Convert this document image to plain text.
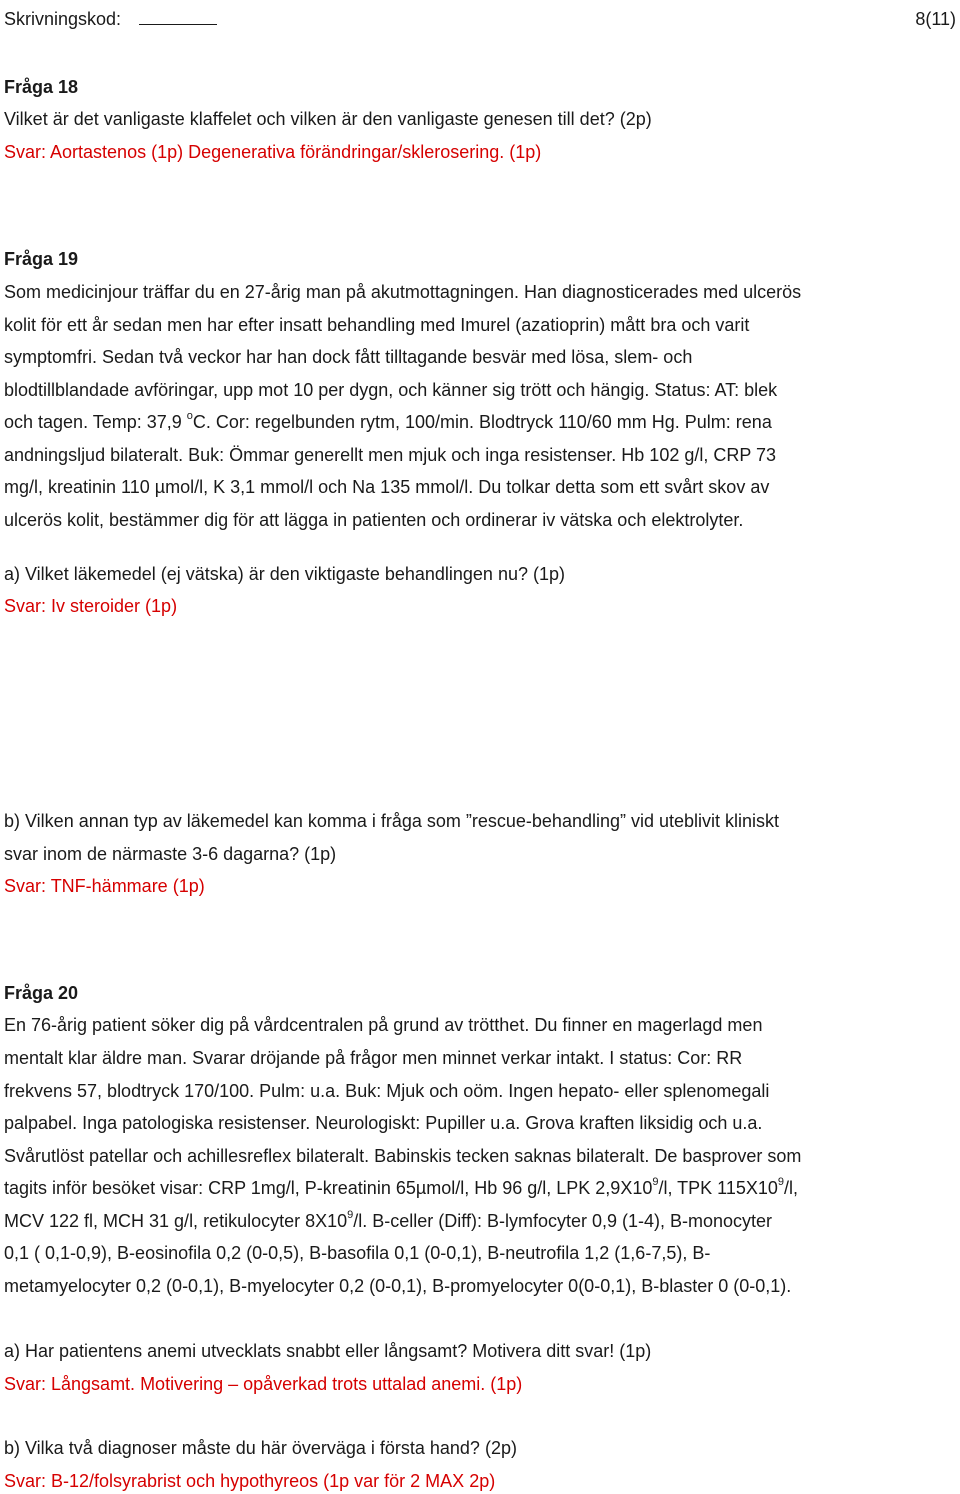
Skrivningskod:	8(11)
Fråga 18
Vilket är det vanligaste klaffelet och vilken är den vanligaste genesen till det? (2p)
Svar: Aortastenos (1p) Degenerativa förändringar/sklerosering. (1p)
Fråga 19
Som medicinjour träffar du en 27-årig man på akutmottagningen. Han diagnosticerades med ulcerös
kolit för ett år sedan men har efter insatt behandling med Imurel (azatioprin) mått bra och varit
symptomfri. Sedan två veckor har han dock fått tilltagande besvär med lösa, slem- och
blodtillblandade avföringar, upp mot 10 per dygn, och känner sig trött och hängig. Status: AT: blek
och tagen. Temp: 37,9 $^o$C. Cor: regelbunden rytm, 100/min. Blodtryck 110/60 mm Hg. Pulm: rena
andningsljud bilateralt. Buk: Ömmar generellt men mjuk och inga resistenser. Hb 102 g/l, CRP 73
mg/l, kreatinin 110 µmol/l, K 3,1 mmol/l och Na 135 mmol/l. Du tolkar detta som ett svårt skov av
ulcerös kolit, bestämmer dig för att lägga in patienten och ordinerar iv vätska och elektrolyter.
a) Vilket läkemedel (ej vätska) är den viktigaste behandlingen nu? (1p)
Svar: Iv steroider (1p)
b) Vilken annan typ av läkemedel kan komma i fråga som ”rescue-behandling” vid uteblivit kliniskt
svar inom de närmaste 3-6 dagarna? (1p)
Svar: TNF-hämmare (1p)
Fråga 20
En 76-årig patient söker dig på vårdcentralen på grund av trötthet. Du finner en magerlagd men
mentalt klar äldre man. Svarar dröjande på frågor men minnet verkar intakt. I status: Cor: RR
frekvens 57, blodtryck 170/100. Pulm: u.a. Buk: Mjuk och oöm. Ingen hepato- eller splenomegali
palpabel. Inga patologiska resistenser. Neurologiskt: Pupiller u.a. Grova kraften liksidig och u.a.
Svårutlöst patellar och achillesreflex bilateralt. Babinskis tecken saknas bilateralt. De basprover som
tagits inför besöket visar: CRP 1mg/l, P-kreatinin 65µmol/l, Hb 96 g/l, LPK $2,9X10^9/l$, TPK $115X10^9/l$,
MCV 122 fl, MCH 31 g/l, retikulocyter $8X10^9/l$. B-celler (Diff): B-lymfocyter 0,9 (1-4), B-monocyter
0,1 ( 0,1-0,9), B-eosinofila 0,2 (0-0,5), B-basofila 0,1 (0-0,1), B-neutrofila 1,2 (1,6-7,5), B-
metamyelocyter 0,2 (0-0,1), B-myelocyter 0,2 (0-0,1), B-promyelocyter 0(0-0,1), B-blaster 0 (0-0,1).
a) Har patientens anemi utvecklats snabbt eller långsamt? Motivera ditt svar! (1p)
Svar: Långsamt. Motivering – opåverkad trots uttalad anemi. (1p)
b) Vilka två diagnoser måste du här överväga i första hand? (2p)
Svar: B-12/folsyrabrist och hypothyreos (1p var för 2 MAX 2p)
